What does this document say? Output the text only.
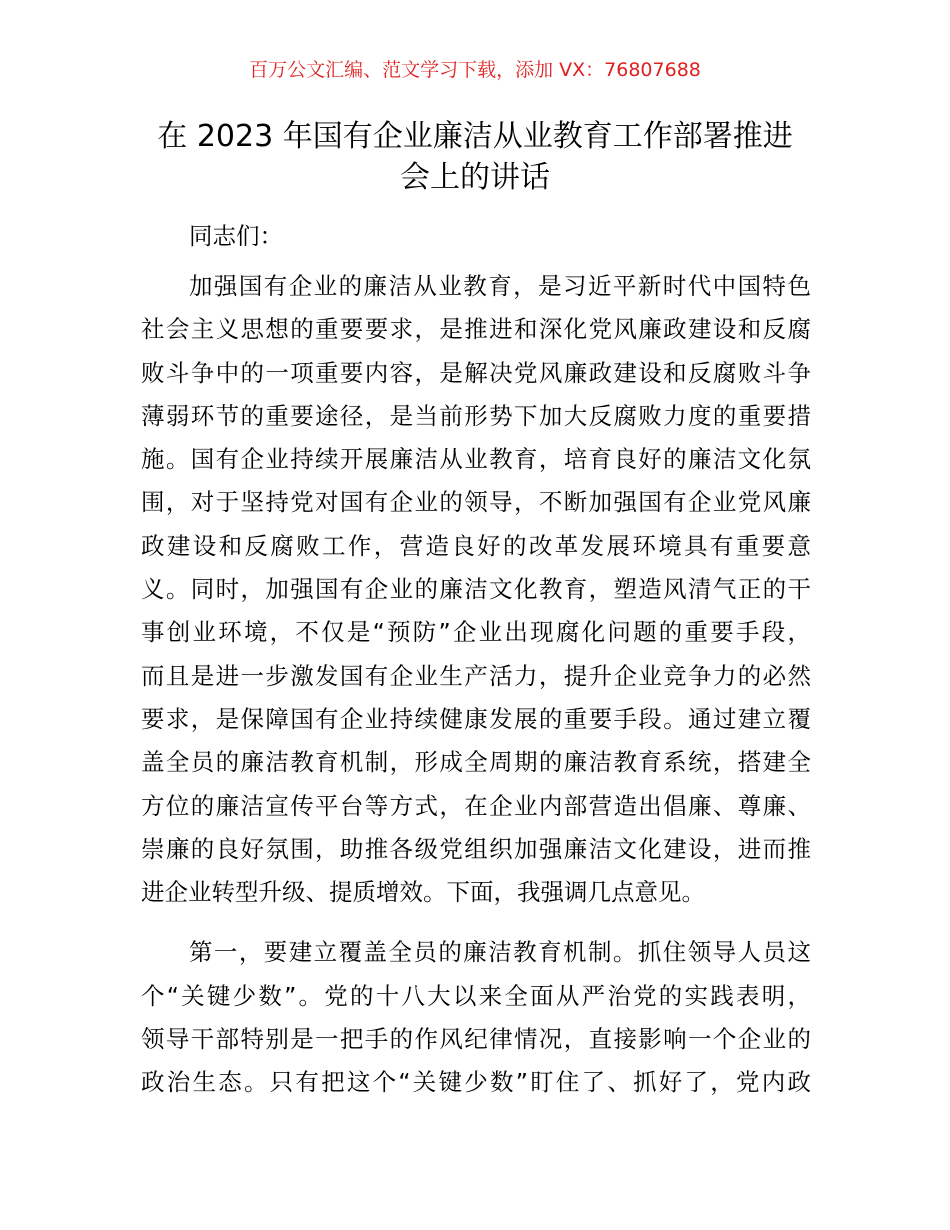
百万公文汇编、范文学习下载，添加 VX：76807688
在 2023 年国有企业廉洁从业教育工作部署推进
会上的讲话
同志们：
加强国有企业的廉洁从业教育，是习近平新时代中国特色
社会主义思想的重要要求，是推进和深化党风廉政建设和反腐
败斗争中的一项重要内容，是解决党风廉政建设和反腐败斗争
薄弱环节的重要途径，是当前形势下加大反腐败力度的重要措
施。国有企业持续开展廉洁从业教育，培育良好的廉洁文化氛
围，对于坚持党对国有企业的领导，不断加强国有企业党风廉
政建设和反腐败工作，营造良好的改革发展环境具有重要意
义。同时，加强国有企业的廉洁文化教育，塑造风清气正的干
事创业环境，不仅是“预防”企业出现腐化问题的重要手段，
而且是进一步激发国有企业生产活力，提升企业竞争力的必然
要求，是保障国有企业持续健康发展的重要手段。通过建立覆
盖全员的廉洁教育机制，形成全周期的廉洁教育系统，搭建全
方位的廉洁宣传平台等方式，在企业内部营造出倡廉、尊廉、
崇廉的良好氛围，助推各级党组织加强廉洁文化建设，进而推
进企业转型升级、提质增效。下面，我强调几点意见。
第一，要建立覆盖全员的廉洁教育机制。抓住领导人员这
个“关键少数”。党的十八大以来全面从严治党的实践表明，
领导干部特别是一把手的作风纪律情况，直接影响一个企业的
政治生态。只有把这个“关键少数”盯住了、抓好了，党内政
